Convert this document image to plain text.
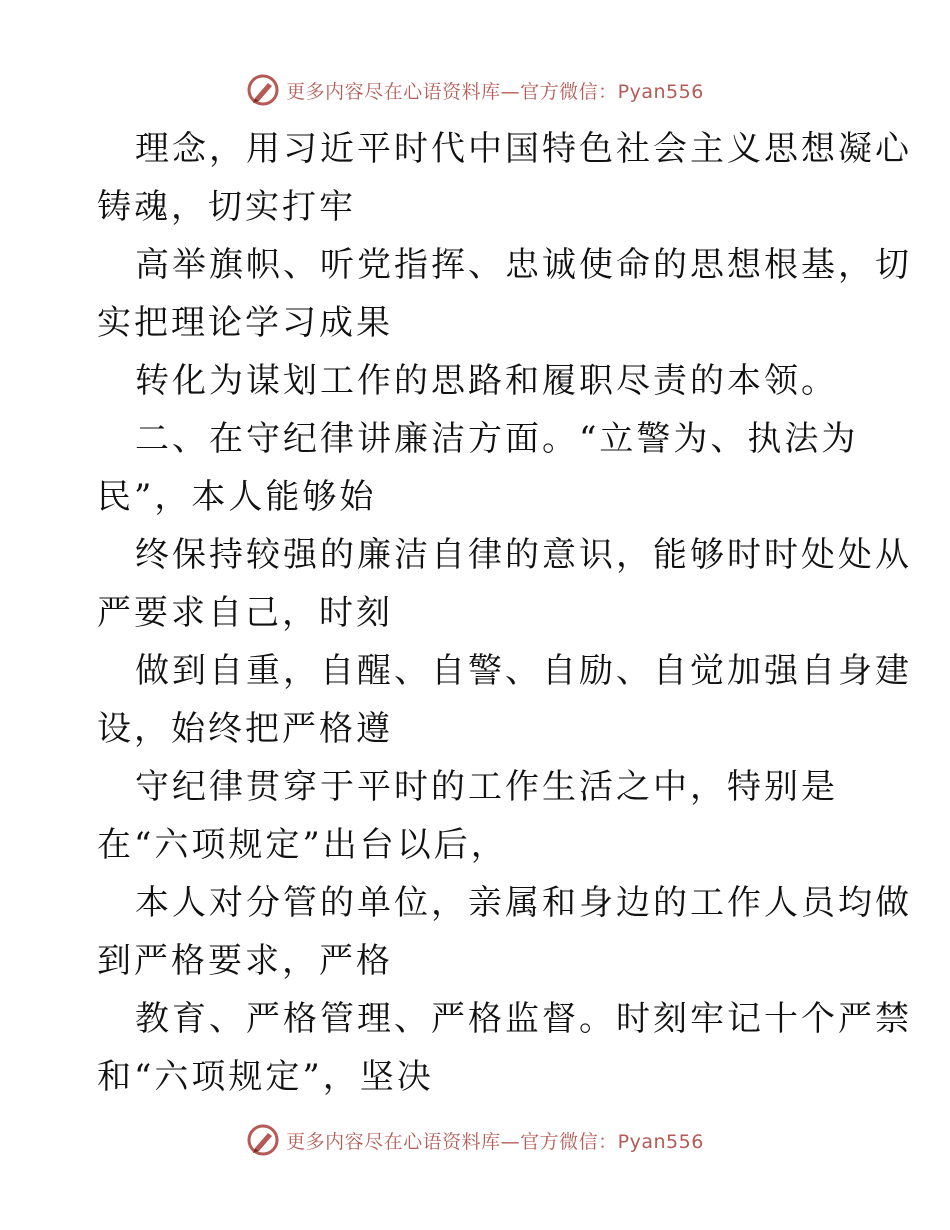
更多内容尽在心语资料库—官方微信：Pyan556
理念，用习近平时代中国特色社会主义思想凝心
铸魂，切实打牢
高举旗帜、听党指挥、忠诚使命的思想根基，切
实把理论学习成果
转化为谋划工作的思路和履职尽责的本领。
二、在守纪律讲廉洁方面。“立警为、执法为
民”，本人能够始
终保持较强的廉洁自律的意识，能够时时处处从
严要求自己，时刻
做到自重，自醒、自警、自励、自觉加强自身建
设，始终把严格遵
守纪律贯穿于平时的工作生活之中，特别是
在“六项规定”出台以后，
本人对分管的单位，亲属和身边的工作人员均做
到严格要求，严格
教育、严格管理、严格监督。时刻牢记十个严禁
和“六项规定”，坚决
更多内容尽在心语资料库—官方微信：Pyan556
